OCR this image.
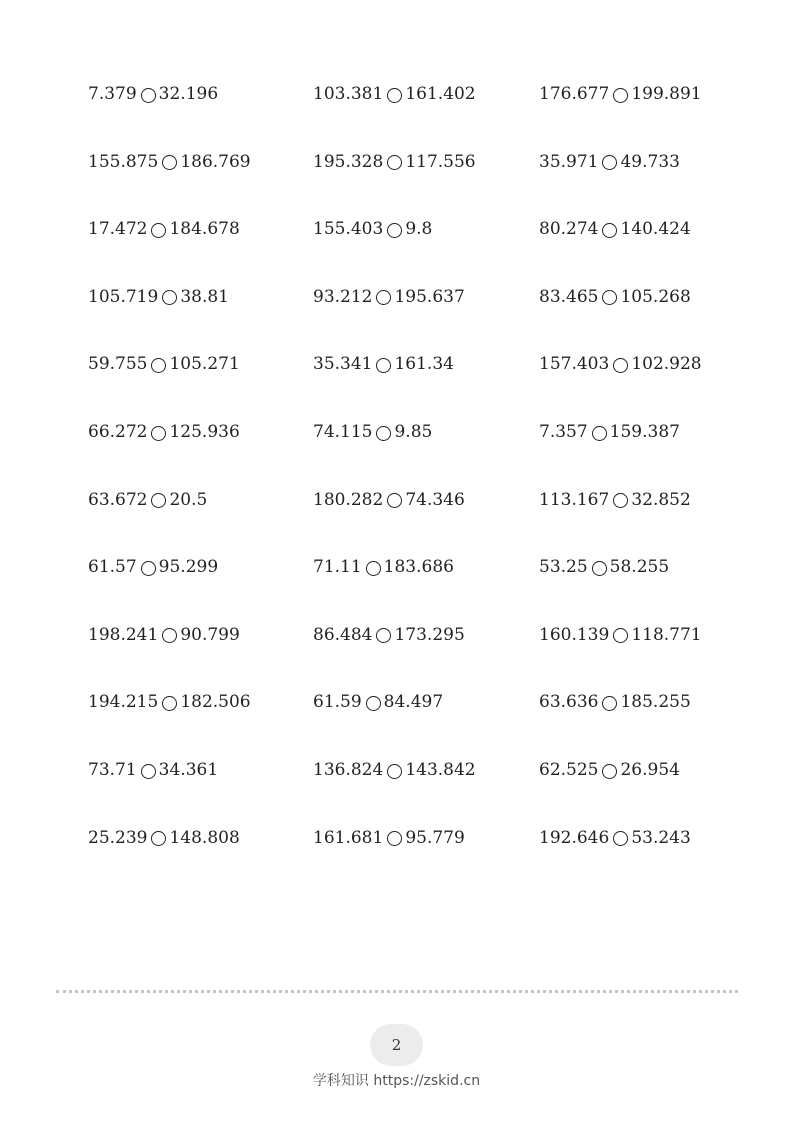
7.379 32.196	103.381 161.402	176.677 199.891
155.875 186.769	195.328 117.556	35.971 49.733
17.472 184.678	155.403 9.8	80.274 140.424
105.719 38.81	93.212 195.637	83.465 105.268
59.755 105.271	35.341 161.34	157.403 102.928
66.272 125.936	74.115 9.85	7.357 159.387
63.672 20.5	180.282 74.346	113.167 32.852
61.57 95.299	71.11 183.686	53.25 58.255
198.241 90.799	86.484 173.295	160.139 118.771
194.215 182.506	61.59 84.497	63.636 185.255
73.71 34.361	136.824 143.842	62.525 26.954
25.239 148.808	161.681 95.779	192.646 53.243
2
学科知识 https://zskid.cn
